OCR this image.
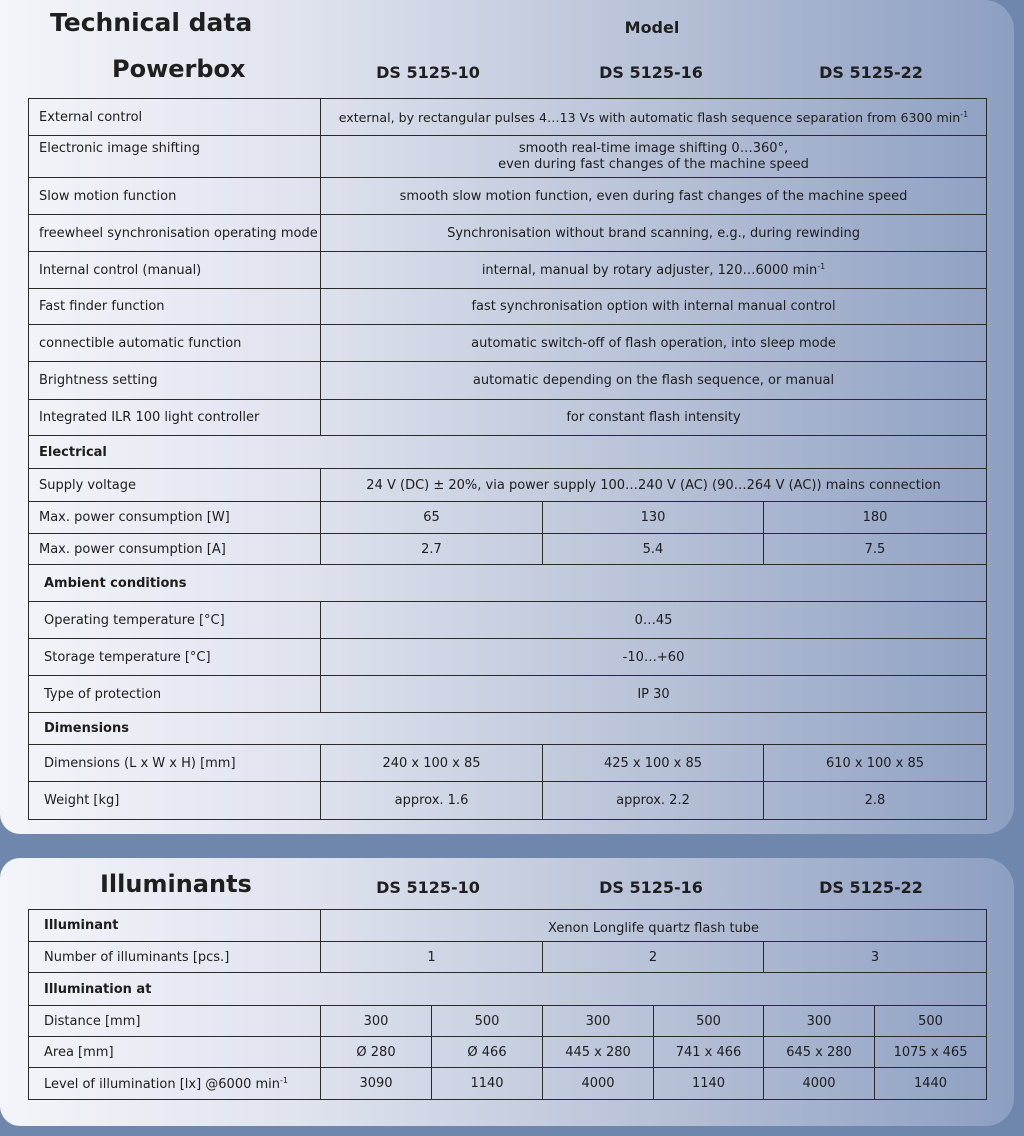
Technical data	Model
Powerbox	DS 5125-10	DS 5125-16	DS 5125-22
External control	external, by rectangular pulses 4…13 Vs with automatic flash sequence separation from 6300 $\min^{-1}$
Electronic image shifting	smooth real-time image shifting 0…360°,
even during fast changes of the machine speed		
Slow motion function	smooth slow motion function, even during fast changes of the machine speed		
freewheel synchronisation operating mode	Synchronisation without brand scanning, e.g., during rewinding		
Internal control (manual)	internal, manual by rotary adjuster, 120…6000 $\min^{-1}$
Fast finder function	fast synchronisation option with internal manual control		
connectible automatic function	automatic switch-off of flash operation, into sleep mode		
Brightness setting	automatic depending on the flash sequence, or manual		
Integrated ILR 100 light controller	for constant flash intensity		
Electrical			
Supply voltage	24 V (DC) ± 20%, via power supply 100…240 V (AC) (90…264 V (AC)) mains connection		
Max. power consumption [W]	65	130	180
Max. power consumption [A]	2.7	5.4	7.5
Ambient conditions			
Operating temperature [°C]	0…45		
Storage temperature [°C]	-10…+60		
Type of protection	IP 30		
Dimensions			
Dimensions (L x W x H) [mm]	240 x 100 x 85	425 x 100 x 85	610 x 100 x 85
Weight [kg]	approx. 1.6	approx. 2.2	2.8
Illuminants	DS 5125-10	DS 5125-16	DS 5125-22
Illuminant	Xenon Longlife quartz flash tube					
Number of illuminants [pcs.]	1		2		3	
Illumination at						
Distance [mm]	300	500	300	500	300	500
Area [mm]	Ø 280	Ø 466	445 x 280	741 x 466	645 x 280	1075 x 465
Level of illumination [lx] @6000 $\min^{-1}$	3090	1140	4000	1140	4000	1440
